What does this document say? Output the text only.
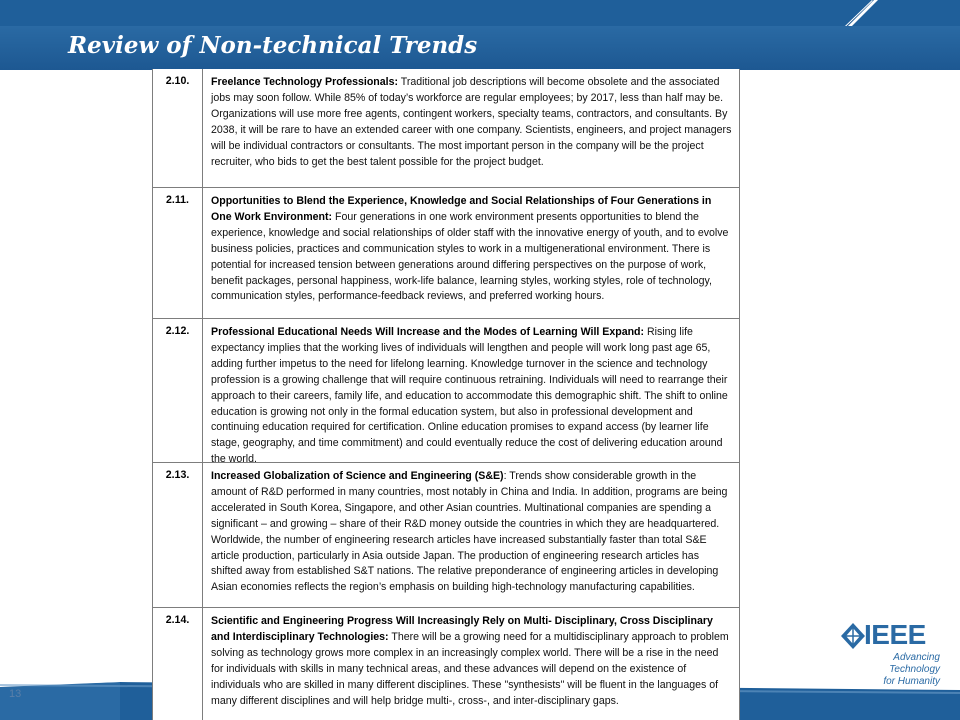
Review of Non-technical Trends
13
IEEE
Advancing Technology
for Humanity
2.10.	Freelance Technology Professionals: Traditional job descriptions will become obsolete and the associated jobs may soon follow. While 85% of today’s workforce are regular employees; by 2017, less than half may be. Organizations will use more free agents, contingent workers, specialty teams, contractors, and consultants. By 2038, it will be rare to have an extended career with one company. Scientists, engineers, and project managers will be individual contractors or consultants. The most important person in the company will be the project recruiter, who bids to get the best talent possible for the project budget.
2.11.	Opportunities to Blend the Experience, Knowledge and Social Relationships of Four Generations in One Work Environment: Four generations in one work environment presents opportunities to blend the experience, knowledge and social relationships of older staff with the innovative energy of youth, and to evolve business policies, practices and communication styles to work in a multigenerational environment. There is potential for increased tension between generations around differing perspectives on the purpose of work, benefit packages, personal happiness, work-life balance, learning styles, working styles, role of technology, communication styles, performance-feedback reviews, and preferred working hours.
2.12.	Professional Educational Needs Will Increase and the Modes of Learning Will Expand: Rising life expectancy implies that the working lives of individuals will lengthen and people will work long past age 65, adding further impetus to the need for lifelong learning. Knowledge turnover in the science and technology profession is a growing challenge that will require continuous retraining. Individuals will need to rearrange their approach to their careers, family life, and education to accommodate this demographic shift. The shift to online education is growing not only in the formal education system, but also in professional development and continuing education required for certification. Online education promises to expand access (by learner life stage, geography, and time commitment) and could eventually reduce the cost of delivering education around the world.
2.13.	Increased Globalization of Science and Engineering (S&E): Trends show considerable growth in the amount of R&D performed in many countries, most notably in China and India. In addition, programs are being accelerated in South Korea, Singapore, and other Asian countries. Multinational companies are spending a significant – and growing – share of their R&D money outside the countries in which they are headquartered. Worldwide, the number of engineering research articles have increased substantially faster than total S&E article production, particularly in Asia outside Japan. The production of engineering research articles has shifted away from established S&T nations. The relative preponderance of engineering articles in developing Asian economies reflects the region’s emphasis on building high-technology manufacturing capabilities.
2.14.	Scientific and Engineering Progress Will Increasingly Rely on Multi- Disciplinary, Cross Disciplinary and Interdisciplinary Technologies: There will be a growing need for a multidisciplinary approach to problem solving as technology grows more complex in an increasingly complex world. There will be a rise in the need for individuals with skills in many technical areas, and these advances will depend on the existence of individuals who are skilled in many different disciplines. These "synthesists" will be fluent in the languages of many different disciplines and will help bridge multi-, cross-, and inter-disciplinary gaps.
